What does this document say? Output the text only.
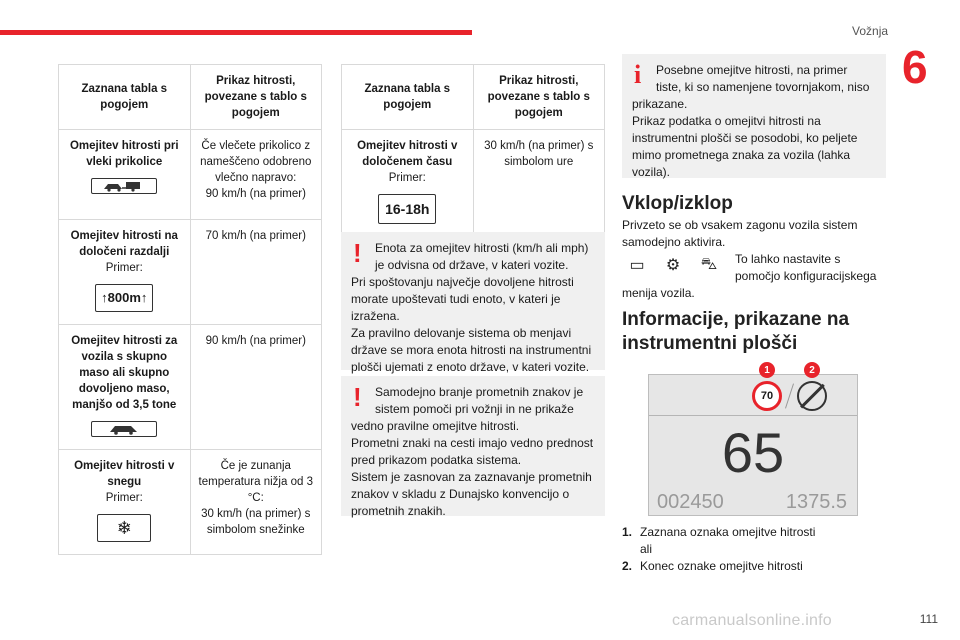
Vožnja
6
Zaznana tabla s pogojem	Prikaz hitrosti, povezane s tablo s pogojem

Omejitev hitrosti pri vleki prikolice	Če vlečete prikolico z nameščeno odobreno vlečno napravo:
90 km/h (na primer)

Omejitev hitrosti na določeni razdalji
Primer:
↑ 800m ↑	70 km/h (na primer)

Omejitev hitrosti za vozila s skupno maso ali skupno dovoljeno maso, manjšo od 3,5 tone	90 km/h (na primer)

Omejitev hitrosti v snegu
Primer:
❄	Če je zunanja temperatura nižja od 3 °C:
30 km/h (na primer) s simbolom snežinke
Zaznana tabla s pogojem	Prikaz hitrosti, povezane s tablo s pogojem

Omejitev hitrosti v določenem času
Primer:
16-18h	30 km/h (na primer) s simbolom ure
!	Enota za omejitev hitrosti (km/h ali mph) je odvisna od države, v kateri vozite.
Pri spoštovanju največje dovoljene hitrosti morate upoštevati tudi enoto, v kateri je izražena.
Za pravilno delovanje sistema ob menjavi države se mora enota hitrosti na instrumentni plošči ujemati z enoto države, v kateri vozite.
!	Samodejno branje prometnih znakov je sistem pomoči pri vožnji in ne prikaže
vedno pravilne omejitve hitrosti.
Prometni znaki na cesti imajo vedno prednost pred prikazom podatka sistema.
Sistem je zasnovan za zaznavanje prometnih znakov v skladu z Dunajsko konvencijo o prometnih znakih.
i	Posebne omejitve hitrosti, na primer tiste, ki so namenjene tovornjakom, niso
prikazane.
Prikaz podatka o omejitvi hitrosti na instrumentni plošči se posodobi, ko peljete mimo prometnega znaka za vozila (lahka vozila).
Vklop/izklop
Privzeto se ob vsakem zagonu vozila sistem samodejno aktivira.
▭	⚙	⛍	To lahko nastavite s pomočjo konfiguracijskega
menija vozila.
Informacije, prikazane na instrumentni plošči
70
65
002450	1375.5
1	2
1. Zaznana oznaka omejitve hitrosti
ali
2. Konec oznake omejitve hitrosti
carmanualsonline.info	111
